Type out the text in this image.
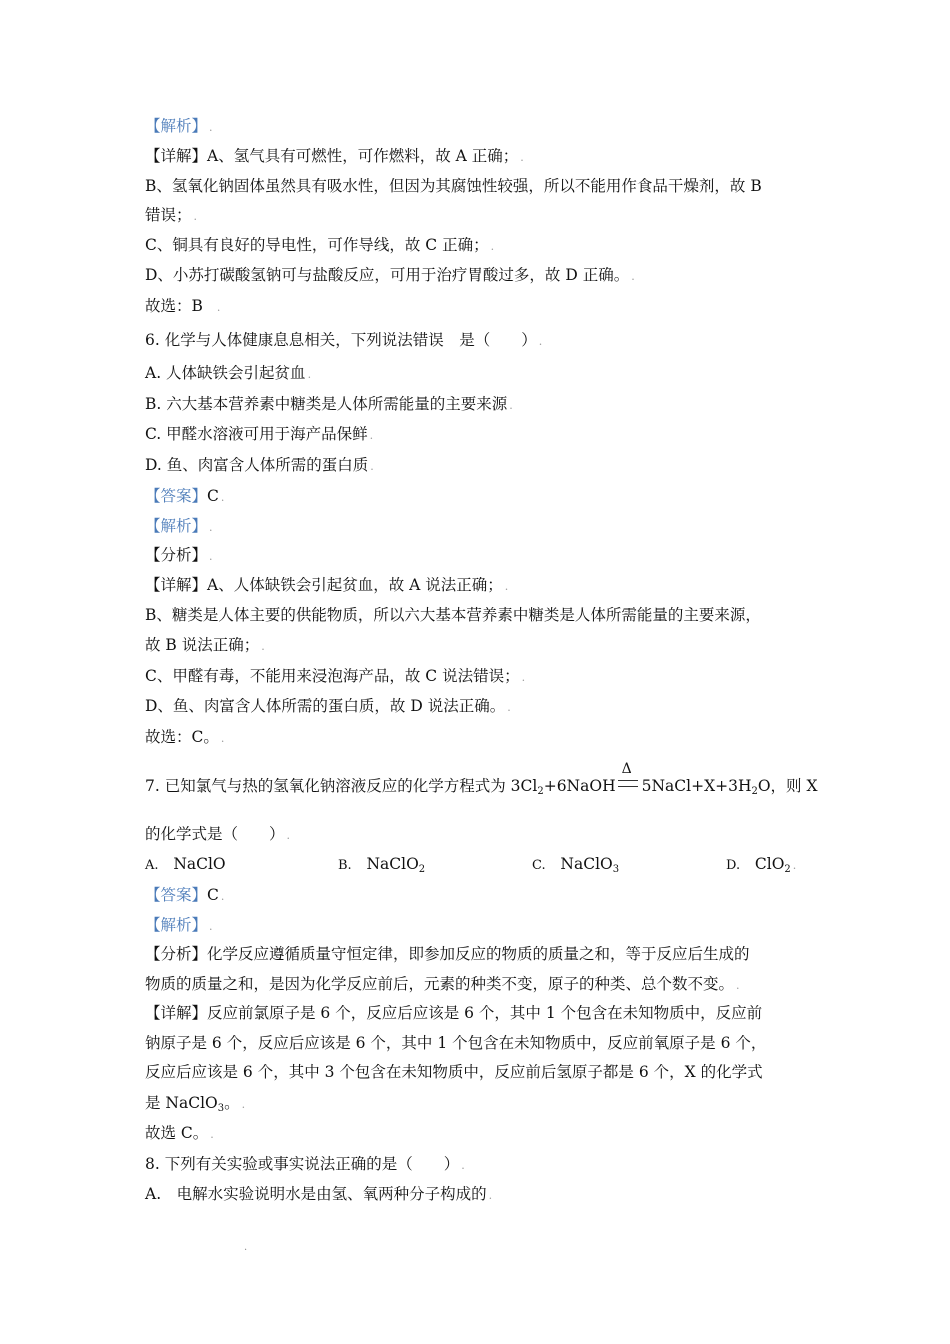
【解析】 .
【详解】A、氢气具有可燃性，可作燃料，故 A 正确； .
B、氢氧化钠固体虽然具有吸水性，但因为其腐蚀性较强，所以不能用作食品干燥剂，故 B
错误； .
C、铜具有良好的导电性，可作导线，故 C 正确； .
D、小苏打碳酸氢钠可与盐酸反应，可用于治疗胃酸过多，故 D 正确。 .
故选：B .
6. 化学与人体健康息息相关，下列说法错误　是（　　） .
A. 人体缺铁会引起贫血 .
B. 六大基本营养素中糖类是人体所需能量的主要来源 .
C. 甲醛水溶液可用于海产品保鲜 .
D. 鱼、肉富含人体所需的蛋白质 .
【答案】C .
【解析】 .
【分析】 .
【详解】A、人体缺铁会引起贫血，故 A 说法正确； .
B、糖类是人体主要的供能物质，所以六大基本营养素中糖类是人体所需能量的主要来源，
故 B 说法正确； .
C、甲醛有毒，不能用来浸泡海产品，故 C 说法错误； .
D、鱼、肉富含人体所需的蛋白质，故 D 说法正确。 .
故选：C。 .
7. 已知氯气与热的氢氧化钠溶液反应的化学方程式为 $3Cl_2+6NaOH$
Δ
$5NaCl+X+3H_2O$，则 X
的化学式是（　　） .
A. NaClO	B. NaClO$_2$	C. NaClO$_3$	D. ClO$_2$ .
【答案】C .
【解析】 .
【分析】化学反应遵循质量守恒定律，即参加反应的物质的质量之和，等于反应后生成的
物质的质量之和，是因为化学反应前后，元素的种类不变，原子的种类、总个数不变。 .
【详解】反应前氯原子是 6 个，反应后应该是 6 个，其中 1 个包含在未知物质中，反应前
钠原子是 6 个，反应后应该是 6 个，其中 1 个包含在未知物质中，反应前氧原子是 6 个，
反应后应该是 6 个，其中 3 个包含在未知物质中，反应前后氢原子都是 6 个，X 的化学式
是 NaClO$_3$。 .
故选 C。 .
8. 下列有关实验或事实说法正确的是（　　） .
A.　电解水实验说明水是由氢、氧两种分子构成的 .
.
